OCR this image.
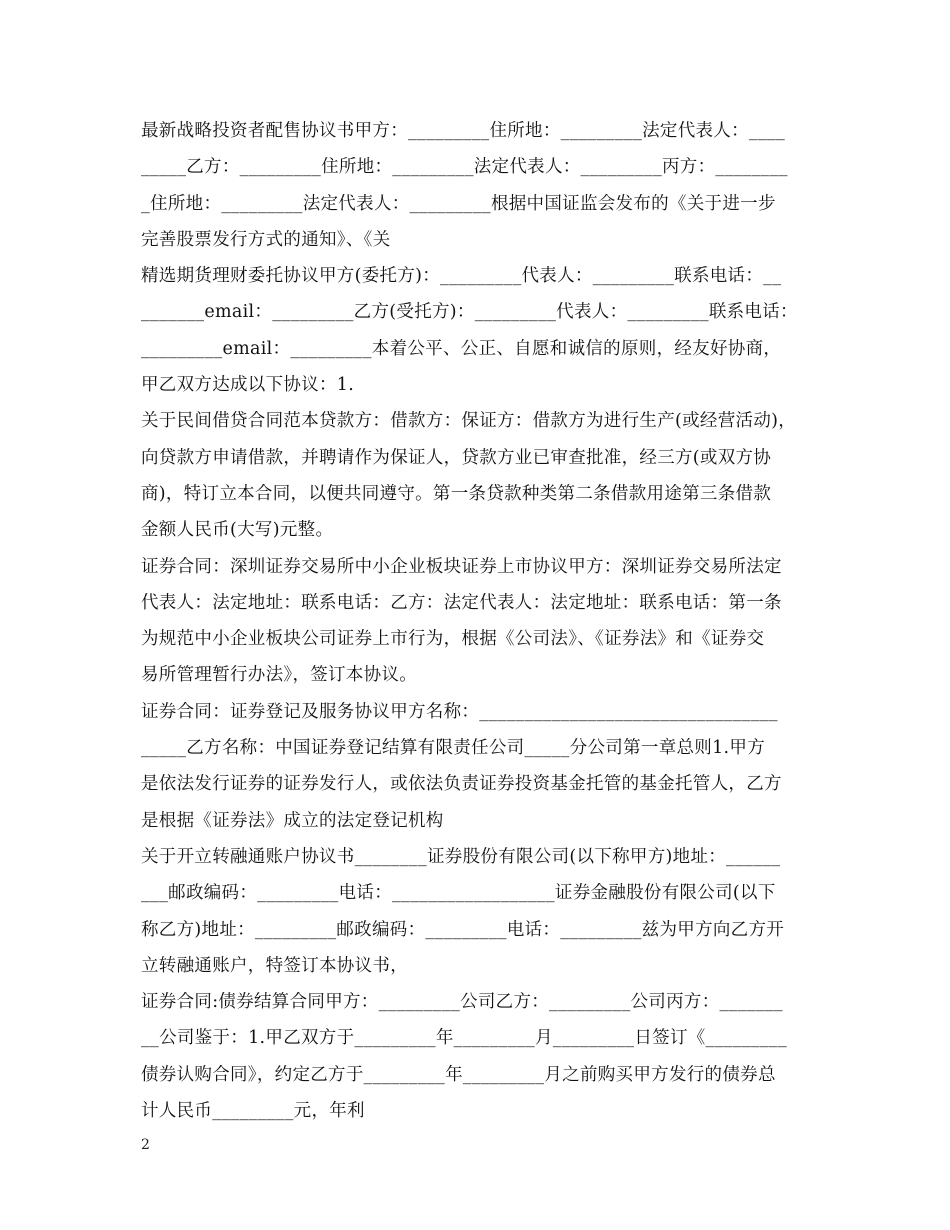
最新战略投资者配售协议书甲方：_________住所地：_________法定代表人：____
_____乙方：_________住所地：_________法定代表人：_________丙方：________
_住所地：_________法定代表人：_________根据中国证监会发布的《关于进一步
完善股票发行方式的通知》、《关
精选期货理财委托协议甲方(委托方)：_________代表人：_________联系电话：__
_______email：_________乙方(受托方)：_________代表人：_________联系电话：
_________email：_________本着公平、公正、自愿和诚信的原则，经友好协商，
甲乙双方达成以下协议：1.
关于民间借贷合同范本贷款方：借款方：保证方：借款方为进行生产(或经营活动)，
向贷款方申请借款，并聘请作为保证人，贷款方业已审查批准，经三方(或双方协
商)，特订立本合同，以便共同遵守。第一条贷款种类第二条借款用途第三条借款
金额人民币(大写)元整。
证券合同：深圳证券交易所中小企业板块证券上市协议甲方：深圳证券交易所法定
代表人：法定地址：联系电话：乙方：法定代表人：法定地址：联系电话：第一条
为规范中小企业板块公司证券上市行为，根据《公司法》、《证券法》和《证券交
易所管理暂行办法》，签订本协议。
证券合同：证券登记及服务协议甲方名称：_________________________________
_____乙方名称：中国证券登记结算有限责任公司_____分公司第一章总则1.甲方
是依法发行证券的证券发行人，或依法负责证券投资基金托管的基金托管人，乙方
是根据《证券法》成立的法定登记机构
关于开立转融通账户协议书________证券股份有限公司(以下称甲方)地址：______
___邮政编码：_________电话：__________________证券金融股份有限公司(以下
称乙方)地址：_________邮政编码：_________电话：_________兹为甲方向乙方开
立转融通账户，特签订本协议书，
证券合同:债券结算合同甲方：_________公司乙方：_________公司丙方：_______
__公司鉴于：1.甲乙双方于_________年_________月_________日签订《_________
债券认购合同》，约定乙方于_________年_________月之前购买甲方发行的债券总
计人民币_________元，年利
2
